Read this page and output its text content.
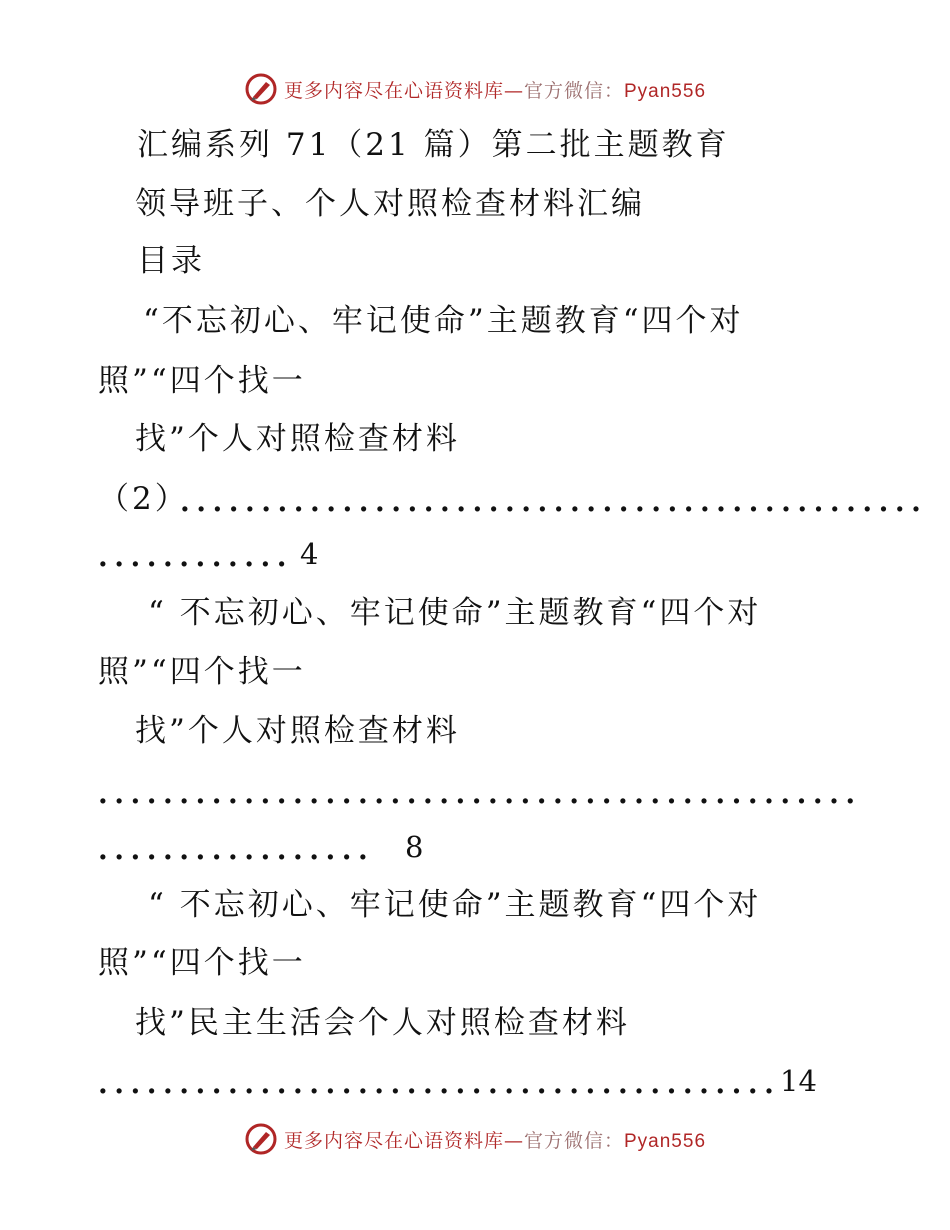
更多内容尽在心语资料库—官方微信：Pyan556
汇编系列 71（21 篇）第二批主题教育
领导班子、个人对照检查材料汇编
目录
“不忘初心、牢记使命”主题教育“四个对
照”“四个找一
找”个人对照检查材料
（2）
..............................................
............ 4
“ 不忘初心、牢记使命”主题教育“四个对
照”“四个找一
找”个人对照检查材料
...............................................
................. 8
“ 不忘初心、牢记使命”主题教育“四个对
照”“四个找一
找”民主生活会个人对照检查材料
.......................................... 14
更多内容尽在心语资料库—官方微信：Pyan556
